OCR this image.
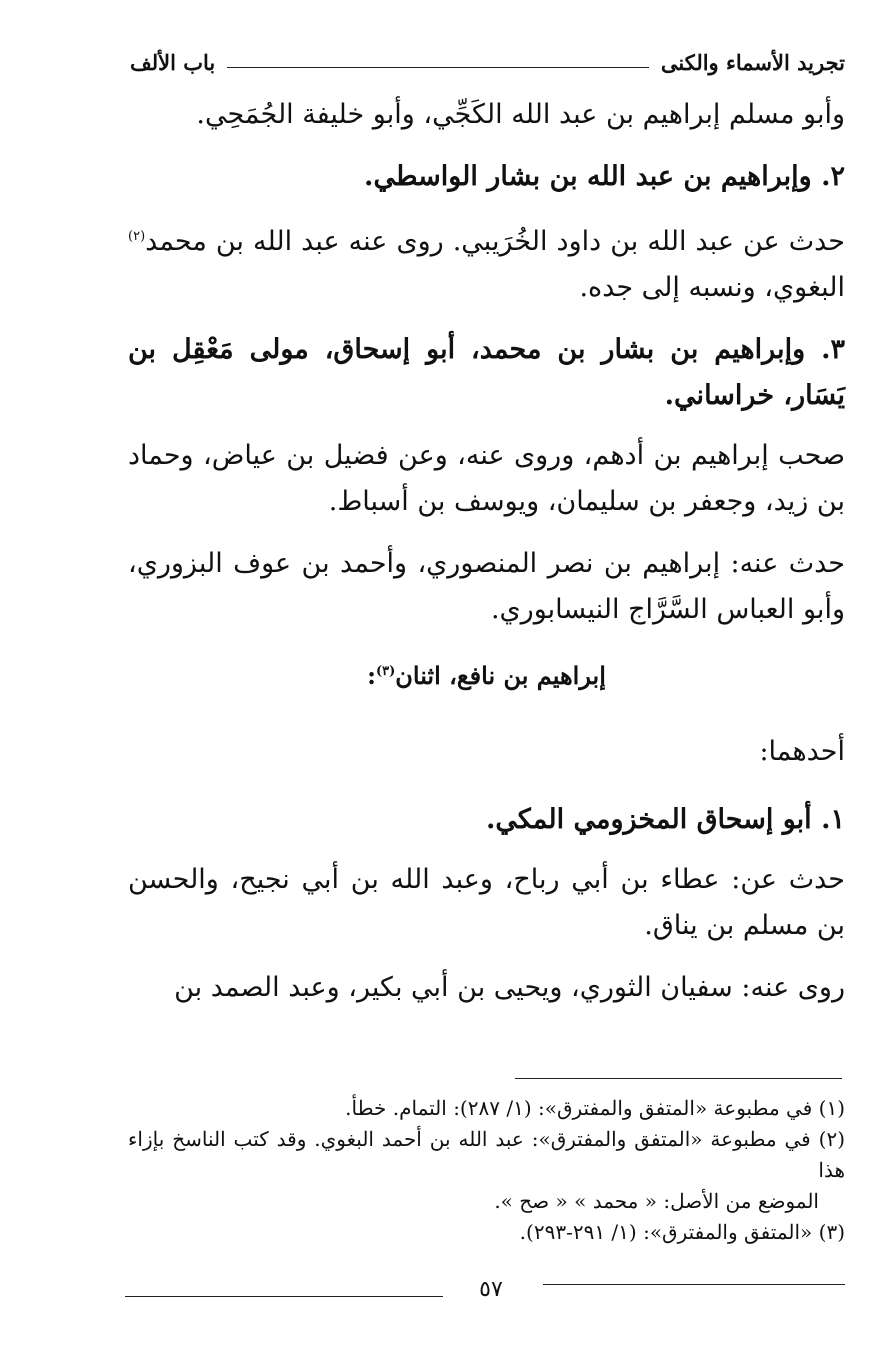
تجريد الأسماء والكنى
باب الألف

وأبو مسلم إبراهيم بن عبد الله الكَجِّي، وأبو خليفة الجُمَحِي.

٢. وإبراهيم بن عبد الله بن بشار الواسطي.

حدث عن عبد الله بن داود الخُرَيبي. روى عنه عبد الله بن محمد$^{(٢)}$ البغوي، ونسبه إلى جده.

٣. وإبراهيم بن بشار بن محمد، أبو إسحاق، مولى مَعْقِل بن يَسَار، خراساني.

صحب إبراهيم بن أدهم، وروى عنه، وعن فضيل بن عياض، وحماد بن زيد، وجعفر بن سليمان، ويوسف بن أسباط.

حدث عنه: إبراهيم بن نصر المنصوري، وأحمد بن عوف البزوري، وأبو العباس السَّرَّاج النيسابوري.

إبراهيم بن نافع، اثنان$^{(٣)}$:

أحدهما:

١. أبو إسحاق المخزومي المكي.

حدث عن: عطاء بن أبي رباح، وعبد الله بن أبي نجيح، والحسن بن مسلم بن يناق.

روى عنه: سفيان الثوري، ويحيى بن أبي بكير، وعبد الصمد بن

(١) في مطبوعة «المتفق والمفترق»: (١/ ٢٨٧): التمام. خطأ.

(٢) في مطبوعة «المتفق والمفترق»: عبد الله بن أحمد البغوي. وقد كتب الناسخ بإزاء هذا

الموضع من الأصل: « محمد » « صح ».

(٣) «المتفق والمفترق»: (١/ ٢٩١-٢٩٣).

٥٧
